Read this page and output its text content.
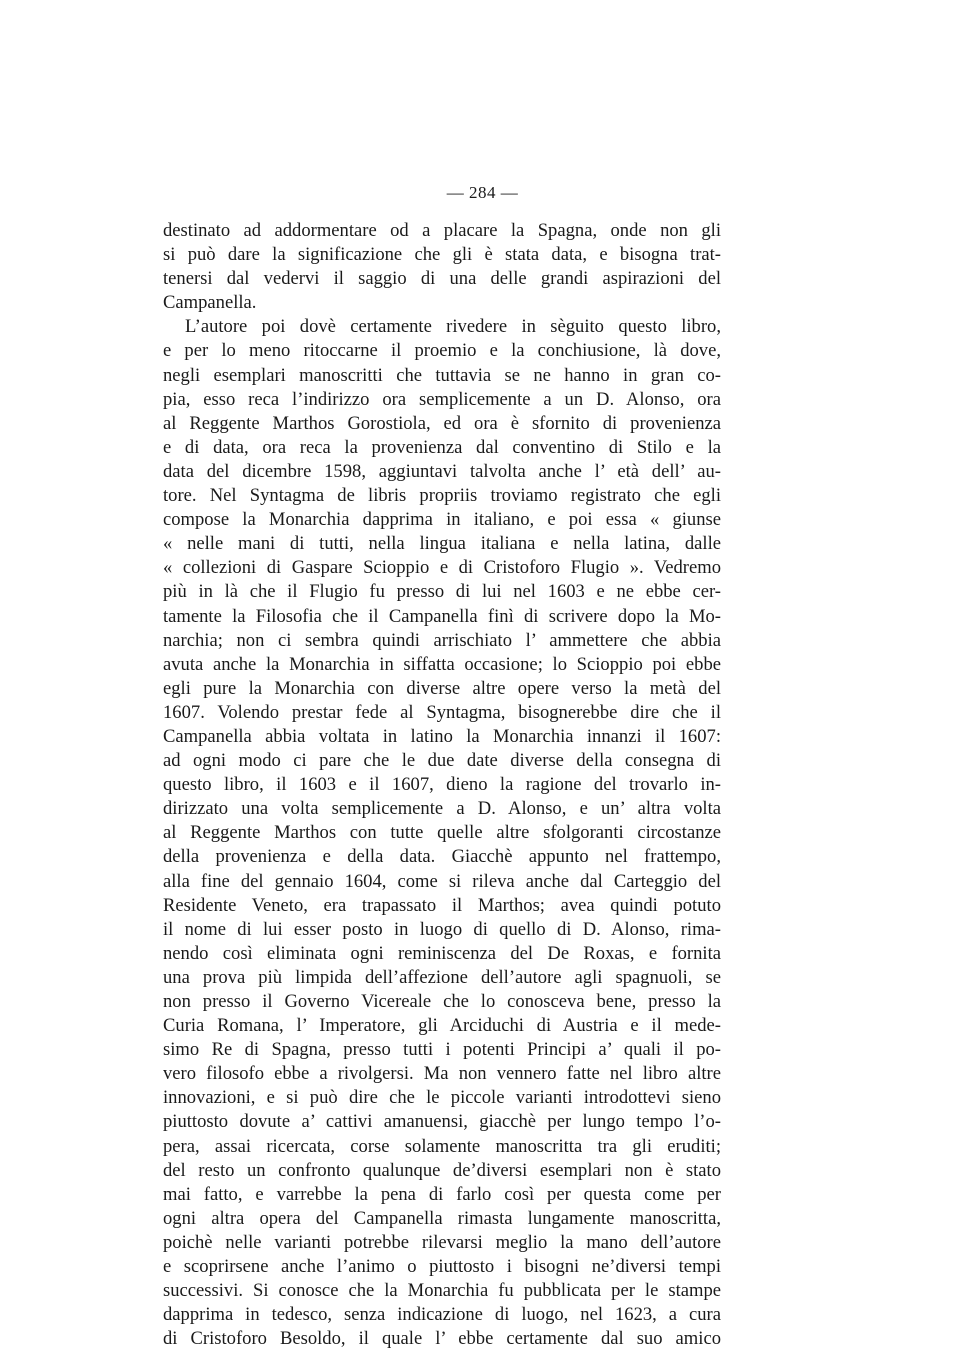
— 284 —
destinato ad addormentare od a placare la Spagna, onde non gli
si può dare la significazione che gli è stata data, e bisogna trat-
tenersi dal vedervi il saggio di una delle grandi aspirazioni del
Campanella.
L’autore poi dovè certamente rivedere in sèguito questo libro,
e per lo meno ritoccarne il proemio e la conchiusione, là dove,
negli esemplari manoscritti che tuttavia se ne hanno in gran co-
pia, esso reca l’indirizzo ora semplicemente a un D. Alonso, ora
al Reggente Marthos Gorostiola, ed ora è sfornito di provenienza
e di data, ora reca la provenienza dal conventino di Stilo e la
data del dicembre 1598, aggiuntavi talvolta anche l’ età dell’ au-
tore. Nel Syntagma de libris propriis troviamo registrato che egli
compose la Monarchia dapprima in italiano, e poi essa « giunse
« nelle mani di tutti, nella lingua italiana e nella latina, dalle
« collezioni di Gaspare Scioppio e di Cristoforo Flugio ». Vedremo
più in là che il Flugio fu presso di lui nel 1603 e ne ebbe cer-
tamente la Filosofia che il Campanella finì di scrivere dopo la Mo-
narchia; non ci sembra quindi arrischiato l’ ammettere che abbia
avuta anche la Monarchia in siffatta occasione; lo Scioppio poi ebbe
egli pure la Monarchia con diverse altre opere verso la metà del
1607. Volendo prestar fede al Syntagma, bisognerebbe dire che il
Campanella abbia voltata in latino la Monarchia innanzi il 1607:
ad ogni modo ci pare che le due date diverse della consegna di
questo libro, il 1603 e il 1607, dieno la ragione del trovarlo in-
dirizzato una volta semplicemente a D. Alonso, e un’ altra volta
al Reggente Marthos con tutte quelle altre sfolgoranti circostanze
della provenienza e della data. Giacchè appunto nel frattempo,
alla fine del gennaio 1604, come si rileva anche dal Carteggio del
Residente Veneto, era trapassato il Marthos; avea quindi potuto
il nome di lui esser posto in luogo di quello di D. Alonso, rima-
nendo così eliminata ogni reminiscenza del De Roxas, e fornita
una prova più limpida dell’affezione dell’autore agli spagnuoli, se
non presso il Governo Vicereale che lo conosceva bene, presso la
Curia Romana, l’ Imperatore, gli Arciduchi di Austria e il mede-
simo Re di Spagna, presso tutti i potenti Principi a’ quali il po-
vero filosofo ebbe a rivolgersi. Ma non vennero fatte nel libro altre
innovazioni, e si può dire che le piccole varianti introdottevi sieno
piuttosto dovute a’ cattivi amanuensi, giacchè per lungo tempo l’o-
pera, assai ricercata, corse solamente manoscritta tra gli eruditi;
del resto un confronto qualunque de’diversi esemplari non è stato
mai fatto, e varrebbe la pena di farlo così per questa come per
ogni altra opera del Campanella rimasta lungamente manoscritta,
poichè nelle varianti potrebbe rilevarsi meglio la mano dell’autore
e scoprirsene anche l’animo o piuttosto i bisogni ne’diversi tempi
successivi. Si conosce che la Monarchia fu pubblicata per le stampe
dapprima in tedesco, senza indicazione di luogo, nel 1623, a cura
di Cristoforo Besoldo, il quale l’ ebbe certamente dal suo amico
